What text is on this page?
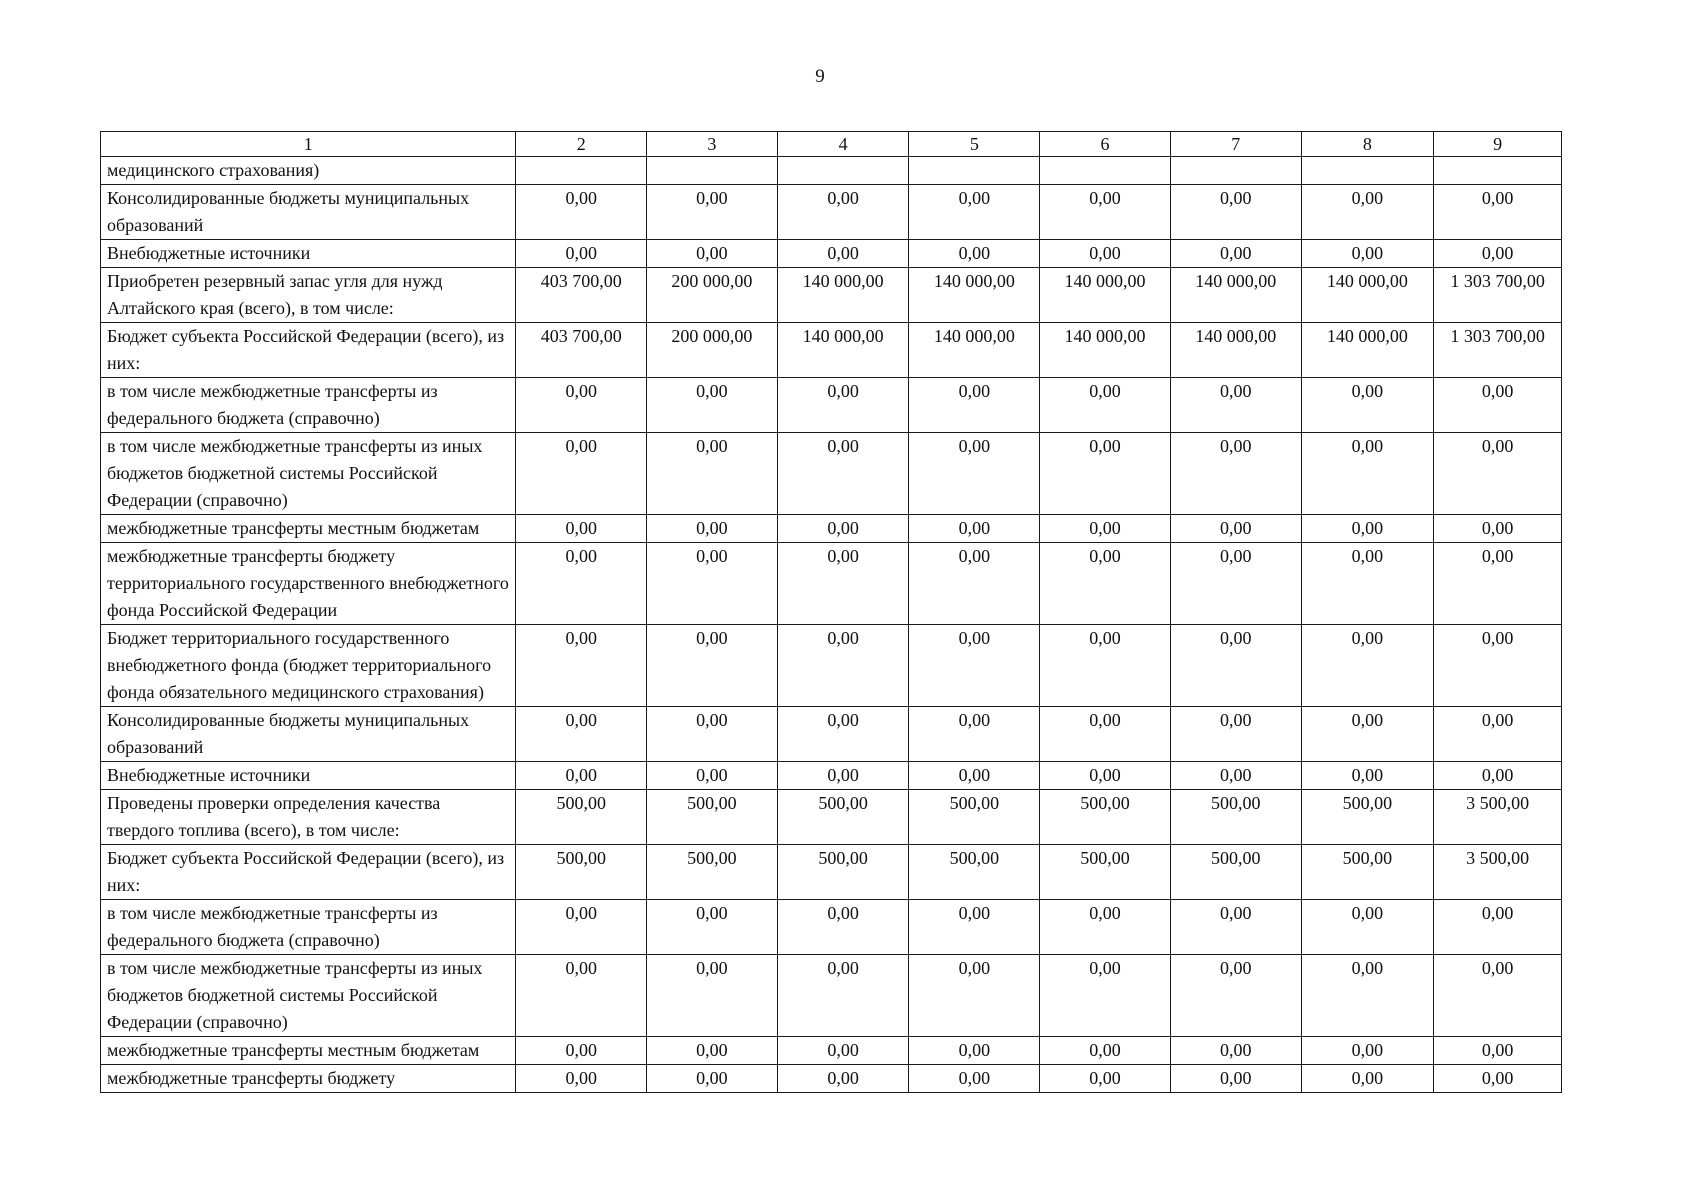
9
1	2	3	4	5	6	7	8	9
медицинского страхования)								
Консолидированные бюджеты муниципальных образований	0,00	0,00	0,00	0,00	0,00	0,00	0,00	0,00
Внебюджетные источники	0,00	0,00	0,00	0,00	0,00	0,00	0,00	0,00
Приобретен резервный запас угля для нужд Алтайского края (всего), в том числе:	403 700,00	200 000,00	140 000,00	140 000,00	140 000,00	140 000,00	140 000,00	1 303 700,00
Бюджет субъекта Российской Федерации (всего), из них:	403 700,00	200 000,00	140 000,00	140 000,00	140 000,00	140 000,00	140 000,00	1 303 700,00
в том числе межбюджетные трансферты из федерального бюджета (справочно)	0,00	0,00	0,00	0,00	0,00	0,00	0,00	0,00
в том числе межбюджетные трансферты из иных бюджетов бюджетной системы Российской Федерации (справочно)	0,00	0,00	0,00	0,00	0,00	0,00	0,00	0,00
межбюджетные трансферты местным бюджетам	0,00	0,00	0,00	0,00	0,00	0,00	0,00	0,00
межбюджетные трансферты бюджету территориального государственного внебюджетного фонда Российской Федерации	0,00	0,00	0,00	0,00	0,00	0,00	0,00	0,00
Бюджет территориального государственного внебюджетного фонда (бюджет территориального фонда обязательного медицинского страхования)	0,00	0,00	0,00	0,00	0,00	0,00	0,00	0,00
Консолидированные бюджеты муниципальных образований	0,00	0,00	0,00	0,00	0,00	0,00	0,00	0,00
Внебюджетные источники	0,00	0,00	0,00	0,00	0,00	0,00	0,00	0,00
Проведены проверки определения качества твердого топлива (всего), в том числе:	500,00	500,00	500,00	500,00	500,00	500,00	500,00	3 500,00
Бюджет субъекта Российской Федерации (всего), из них:	500,00	500,00	500,00	500,00	500,00	500,00	500,00	3 500,00
в том числе межбюджетные трансферты из федерального бюджета (справочно)	0,00	0,00	0,00	0,00	0,00	0,00	0,00	0,00
в том числе межбюджетные трансферты из иных бюджетов бюджетной системы Российской Федерации (справочно)	0,00	0,00	0,00	0,00	0,00	0,00	0,00	0,00
межбюджетные трансферты местным бюджетам	0,00	0,00	0,00	0,00	0,00	0,00	0,00	0,00
межбюджетные трансферты бюджету	0,00	0,00	0,00	0,00	0,00	0,00	0,00	0,00
